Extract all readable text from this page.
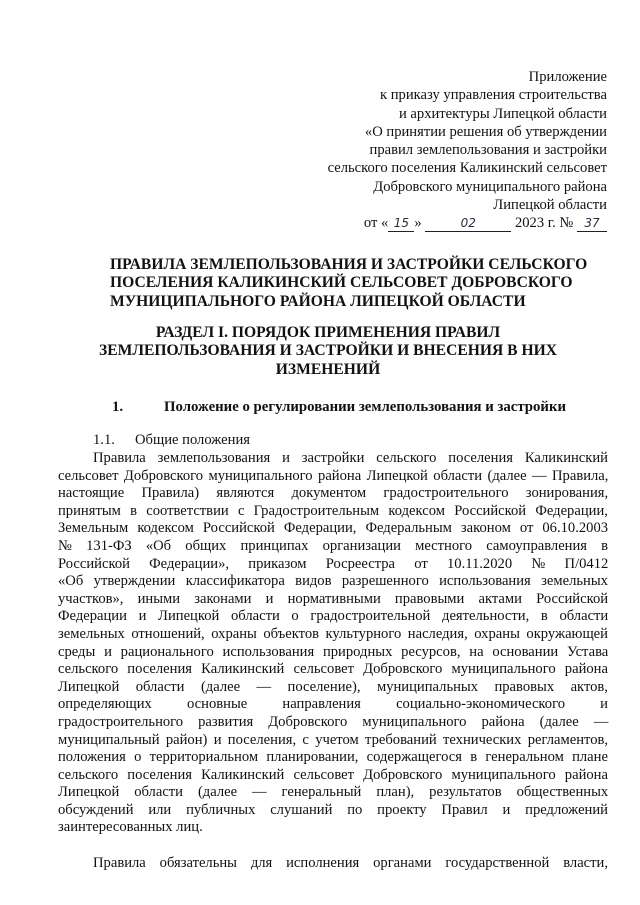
Приложение
к приказу управления строительства
и архитектуры Липецкой области
«О принятии решения об утверждении
правил землепользования и застройки
сельского поселения Каликинский сельсовет
Добровского муниципального района
Липецкой области
от « 15 »	02	2023 г. № 37
ПРАВИЛА ЗЕМЛЕПОЛЬЗОВАНИЯ И ЗАСТРОЙКИ СЕЛЬСКОГО
ПОСЕЛЕНИЯ КАЛИКИНСКИЙ СЕЛЬСОВЕТ ДОБРОВСКОГО
МУНИЦИПАЛЬНОГО РАЙОНА ЛИПЕЦКОЙ ОБЛАСТИ
РАЗДЕЛ I. ПОРЯДОК ПРИМЕНЕНИЯ ПРАВИЛ
ЗЕМЛЕПОЛЬЗОВАНИЯ И ЗАСТРОЙКИ И ВНЕСЕНИЯ В НИХ
ИЗМЕНЕНИЙ
1.	Положение о регулировании землепользования и застройки
1.1. Общие положения
Правила землепользования и застройки сельского поселения Каликинский
сельсовет Добровского муниципального района Липецкой области (далее — Правила,
настоящие Правила) являются документом градостроительного зонирования,
принятым в соответствии с Градостроительным кодексом Российской Федерации,
Земельным кодексом Российской Федерации, Федеральным законом от 06.10.2003
№ 131-ФЗ «Об общих принципах организации местного самоуправления в
Российской Федерации», приказом Росреестра от 10.11.2020 № П/0412
«Об утверждении классификатора видов разрешенного использования земельных
участков», иными законами и нормативными правовыми актами Российской
Федерации и Липецкой области о градостроительной деятельности, в области
земельных отношений, охраны объектов культурного наследия, охраны окружающей
среды и рационального использования природных ресурсов, на основании Устава
сельского поселения Каликинский сельсовет Добровского муниципального района
Липецкой области (далее — поселение), муниципальных правовых актов,
определяющих основные направления социально-экономического и
градостроительного развития Добровского муниципального района (далее —
муниципальный район) и поселения, с учетом требований технических регламентов,
положения о территориальном планировании, содержащегося в генеральном плане
сельского поселения Каликинский сельсовет Добровского муниципального района
Липецкой области (далее — генеральный план), результатов общественных
обсуждений или публичных слушаний по проекту Правил и предложений
заинтересованных лиц.
Правила обязательны для исполнения органами государственной власти,
